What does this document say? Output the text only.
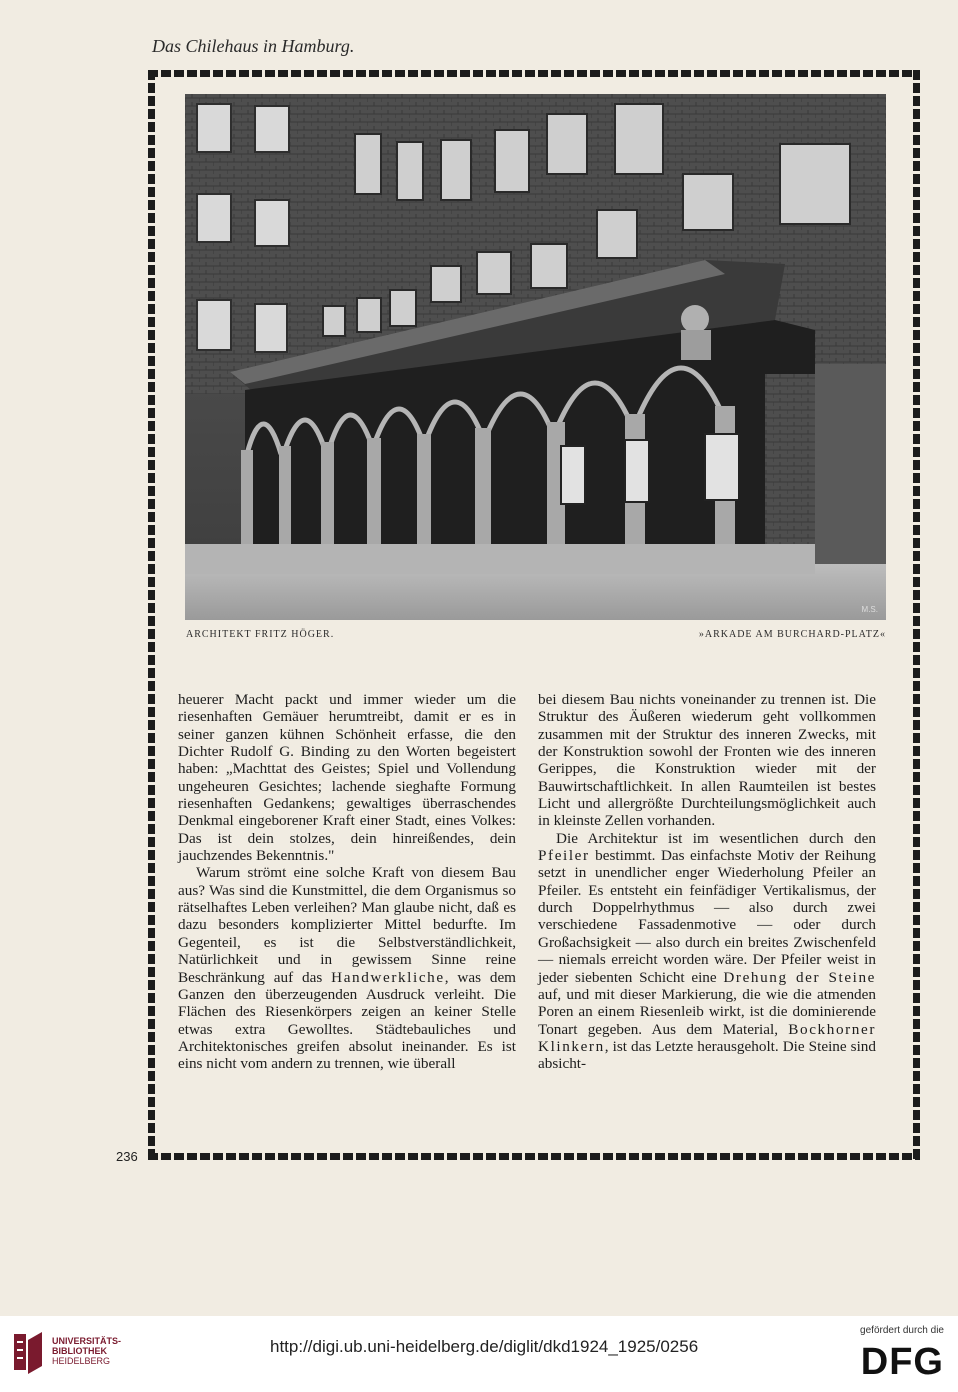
Das Chilehaus in Hamburg.
M.S.
ARCHITEKT FRITZ HÖGER.	»ARKADE AM BURCHARD-PLATZ«

heuerer Macht packt und immer wieder um die riesenhaften Gemäuer herumtreibt, damit er es in seiner ganzen kühnen Schönheit erfasse, die den Dichter Rudolf G. Binding zu den Worten begeistert haben: „Machttat des Geistes; Spiel und Vollendung ungeheuren Gesichtes; lachende sieghafte Formung riesenhaften Gedankens; gewaltiges überraschendes Denkmal eingeborener Kraft einer Stadt, eines Volkes: Das ist dein stolzes, dein hinreißendes, dein jauchzendes Bekenntnis."

Warum strömt eine solche Kraft von diesem Bau aus? Was sind die Kunstmittel, die dem Organismus so rätselhaftes Leben verleihen? Man glaube nicht, daß es dazu besonders komplizierter Mittel bedurfte. Im Gegenteil, es ist die Selbstverständlichkeit, Natürlichkeit und in gewissem Sinne reine Beschränkung auf das Handwerkliche, was dem Ganzen den überzeugenden Ausdruck verleiht. Die Flächen des Riesenkörpers zeigen an keiner Stelle etwas extra Gewolltes. Städtebauliches und Architektonisches greifen absolut ineinander. Es ist eins nicht vom andern zu trennen, wie überall

bei diesem Bau nichts voneinander zu trennen ist. Die Struktur des Äußeren wiederum geht vollkommen zusammen mit der Struktur des inneren Zwecks, mit der Konstruktion sowohl der Fronten wie des inneren Gerippes, die Konstruktion wieder mit der Bauwirtschaftlichkeit. In allen Raumteilen ist bestes Licht und allergrößte Durchteilungsmöglichkeit auch in kleinste Zellen vorhanden.

Die Architektur ist im wesentlichen durch den Pfeiler bestimmt. Das einfachste Motiv der Reihung setzt in unendlicher enger Wiederholung Pfeiler an Pfeiler. Es entsteht ein feinfädiger Vertikalismus, der durch Doppelrhythmus — also durch zwei verschiedene Fassadenmotive — oder durch Großachsigkeit — also durch ein breites Zwischenfeld — niemals erreicht worden wäre. Der Pfeiler weist in jeder siebenten Schicht eine Drehung der Steine auf, und mit dieser Markierung, die wie die atmenden Poren an einem Riesenleib wirkt, ist die dominierende Tonart gegeben. Aus dem Material, Bockhorner Klinkern, ist das Letzte herausgeholt. Die Steine sind absicht-

236
UNIVERSITÄTS-
BIBLIOTHEK
HEIDELBERG
http://digi.ub.uni-heidelberg.de/diglit/dkd1924_1925/0256
gefördert durch die
DFG
